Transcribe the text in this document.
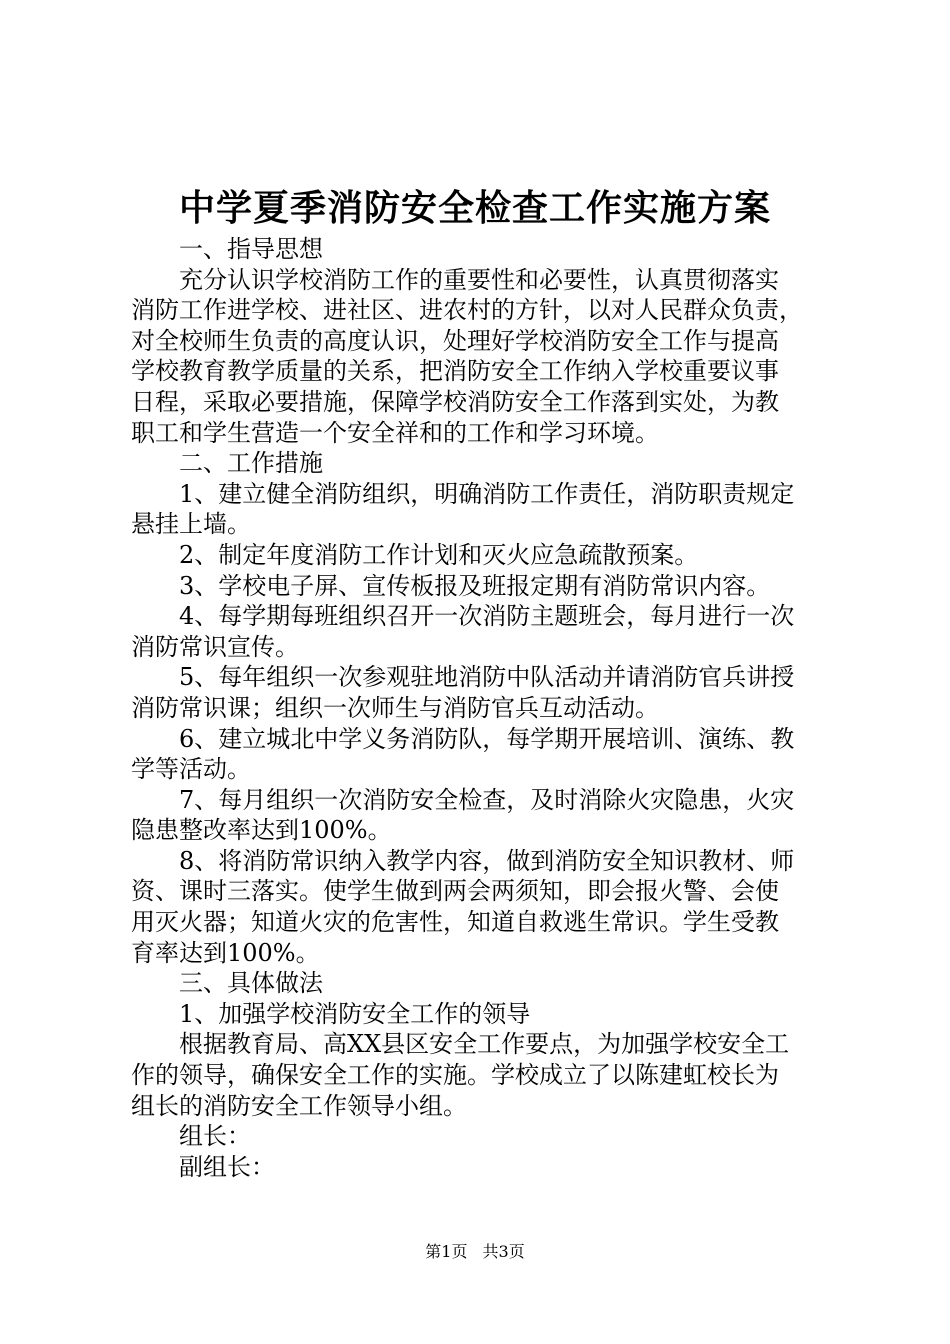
中学夏季消防安全检查工作实施方案
一、指导思想
充分认识学校消防工作的重要性和必要性，认真贯彻落实
消防工作进学校、进社区、进农村的方针，以对人民群众负责，
对全校师生负责的高度认识，处理好学校消防安全工作与提高
学校教育教学质量的关系，把消防安全工作纳入学校重要议事
日程，采取必要措施，保障学校消防安全工作落到实处，为教
职工和学生营造一个安全祥和的工作和学习环境。
二、工作措施
1、建立健全消防组织，明确消防工作责任，消防职责规定
悬挂上墙。
2、制定年度消防工作计划和灭火应急疏散预案。
3、学校电子屏、宣传板报及班报定期有消防常识内容。
4、每学期每班组织召开一次消防主题班会，每月进行一次
消防常识宣传。
5、每年组织一次参观驻地消防中队活动并请消防官兵讲授
消防常识课；组织一次师生与消防官兵互动活动。
6、建立城北中学义务消防队，每学期开展培训、演练、教
学等活动。
7、每月组织一次消防安全检查，及时消除火灾隐患，火灾
隐患整改率达到100%。
8、将消防常识纳入教学内容，做到消防安全知识教材、师
资、课时三落实。使学生做到两会两须知，即会报火警、会使
用灭火器；知道火灾的危害性，知道自救逃生常识。学生受教
育率达到100%。
三、具体做法
1、加强学校消防安全工作的领导
根据教育局、高XX县区安全工作要点，为加强学校安全工
作的领导，确保安全工作的实施。学校成立了以陈建虹校长为
组长的消防安全工作领导小组。
组长：
副组长：
第1页 共3页
